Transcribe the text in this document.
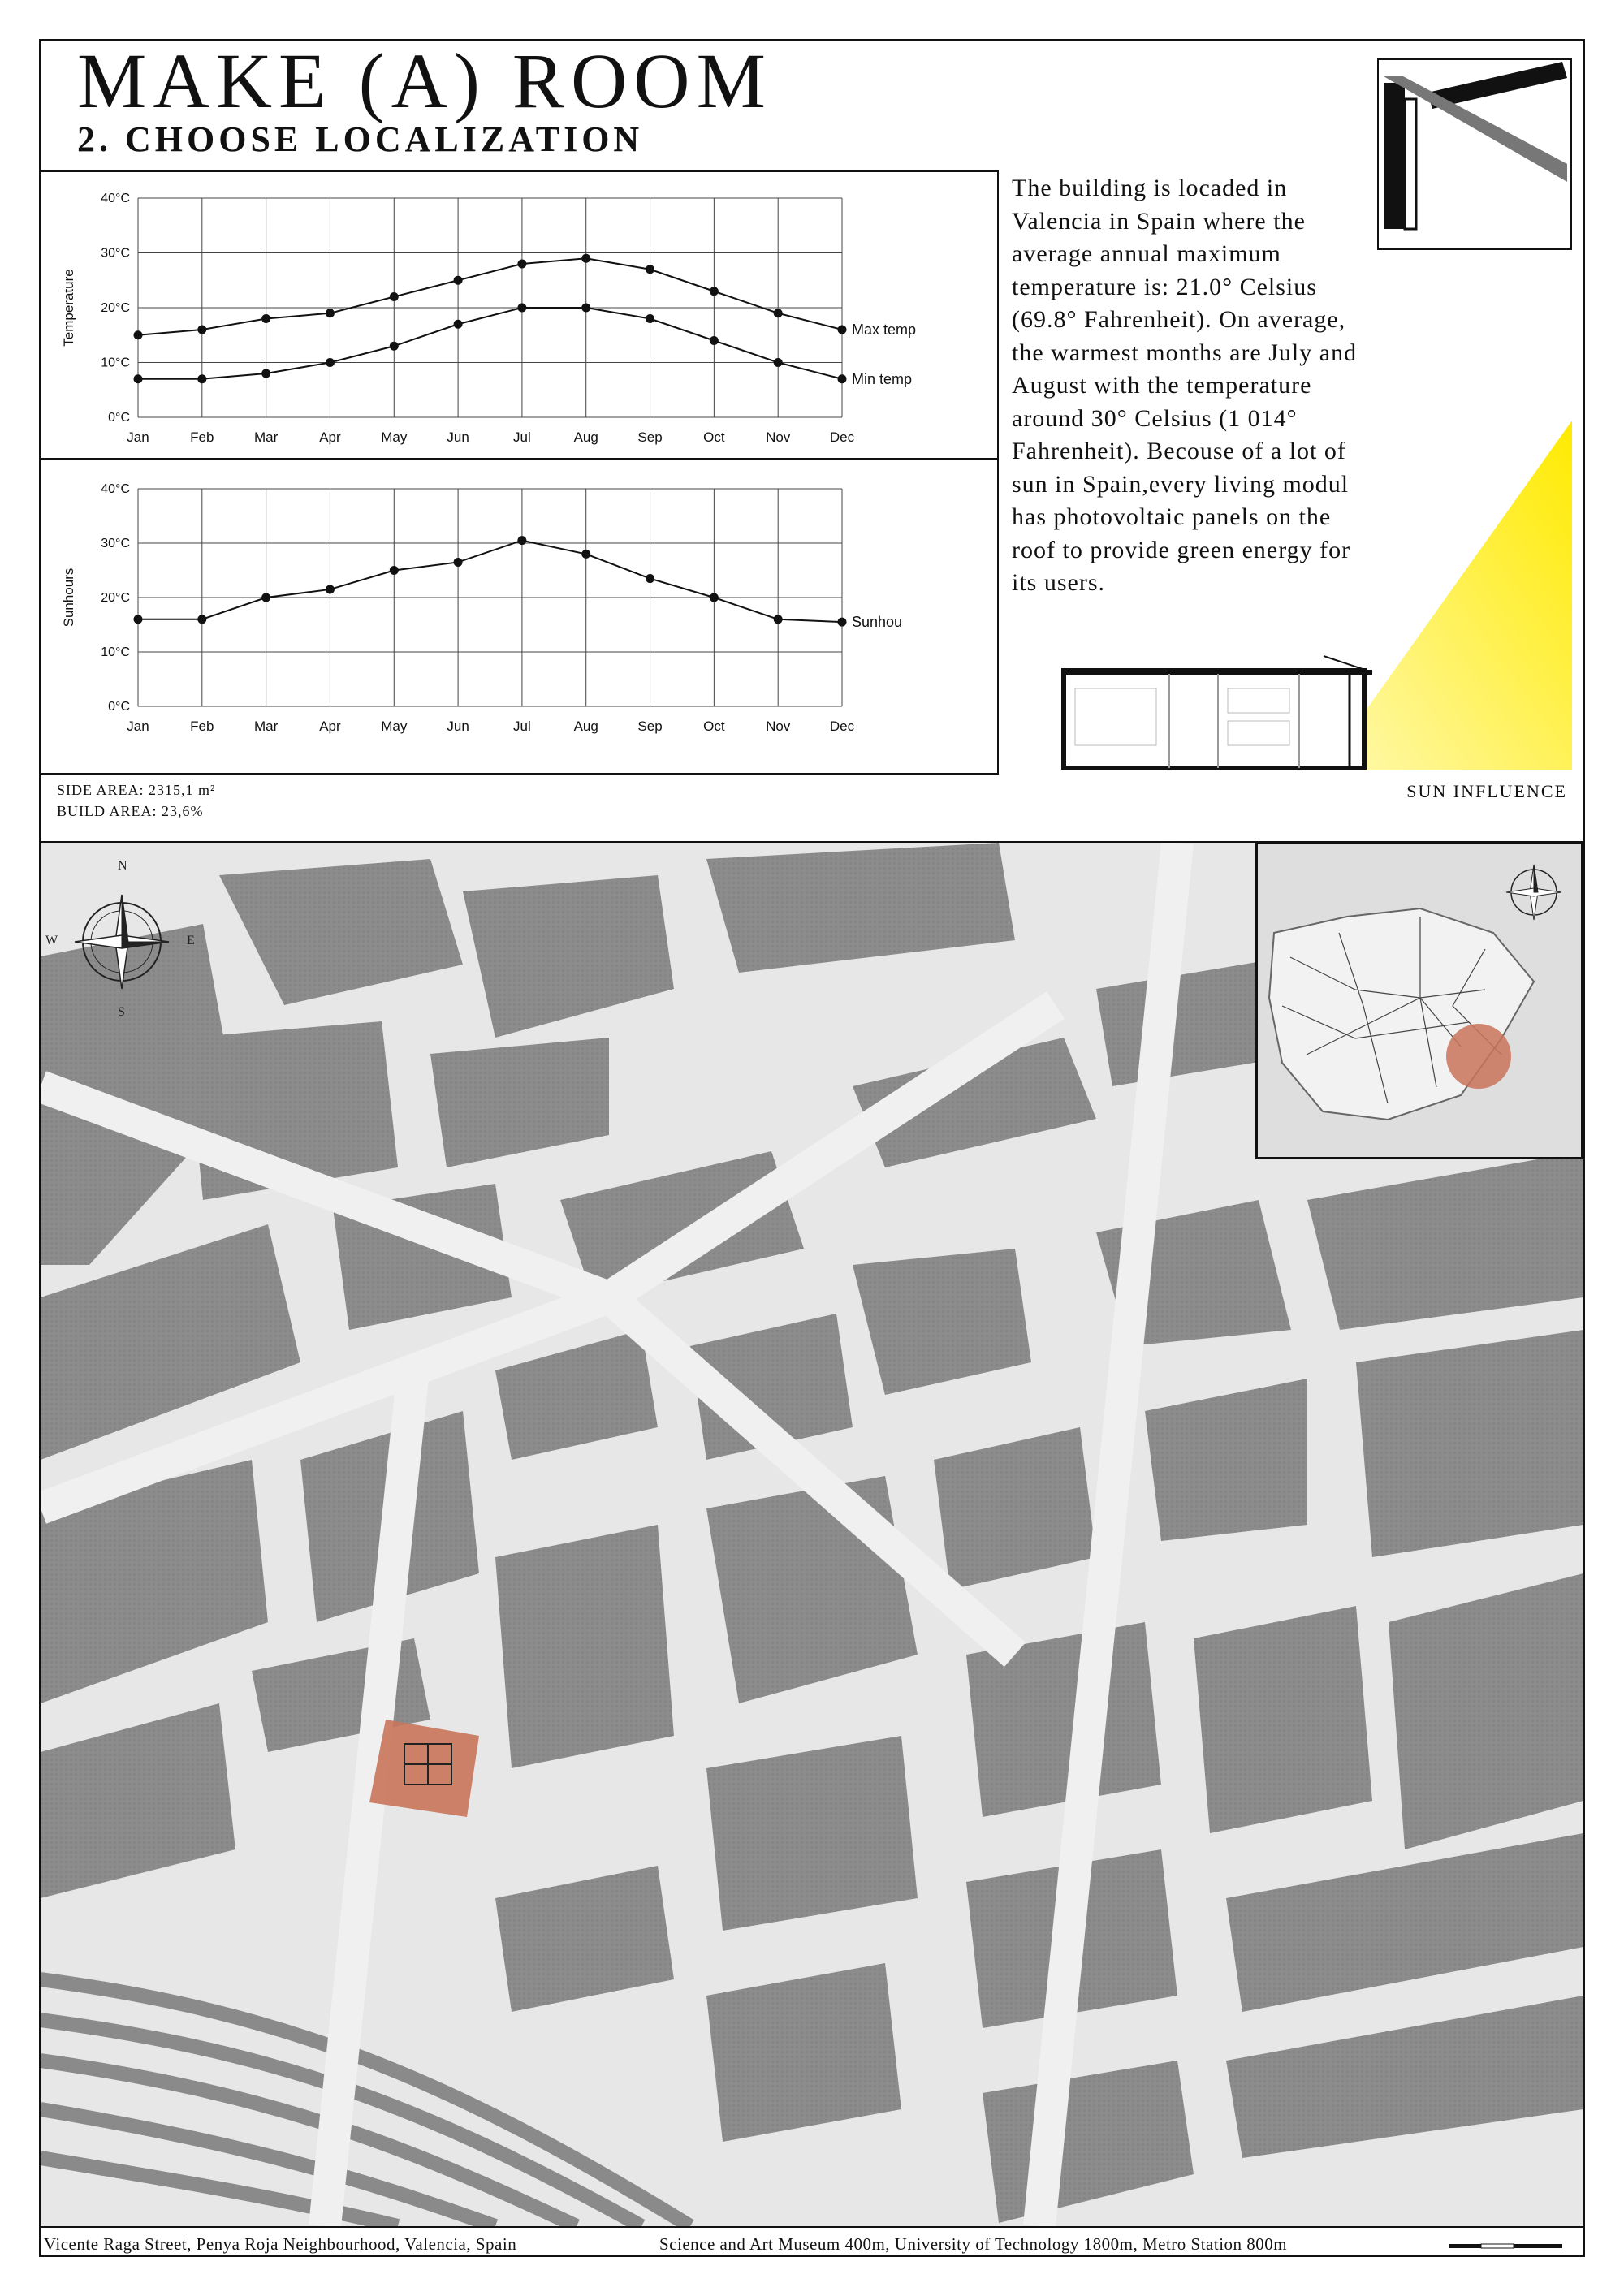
MAKE (A) ROOM
2. CHOOSE LOCALIZATION
0°C
10°C
20°C
30°C
40°C
Jan	Feb	Mar	Apr	May	Jun	Jul	Aug	Sep	Oct	Nov	Dec
Temperature	Max temp
Min temp
0°C
10°C
20°C
30°C
40°C
Jan	Feb	Mar	Apr	May	Jun	Jul	Aug	Sep	Oct	Nov	Dec
Sunhours	Sunhou

The building is locaded in Valencia in Spain where the average annual maximum temperature is: 21.0° Celsius (69.8° Fahrenheit). On average, the warmest months are July and August with the temperature around 30° Celsius (1 014° Fahrenheit). Becouse of a lot of sun in Spain,every living modul has photovoltaic panels on the roof to provide green energy for its users.

SIDE AREA: 2315,1 m²
BUILD AREA: 23,6%
SUN INFLUENCE
N
S
E
W
Vicente Raga Street, Penya Roja Neighbourhood, Valencia, Spain	Science and Art Museum 400m, University of Technology 1800m, Metro Station 800m
